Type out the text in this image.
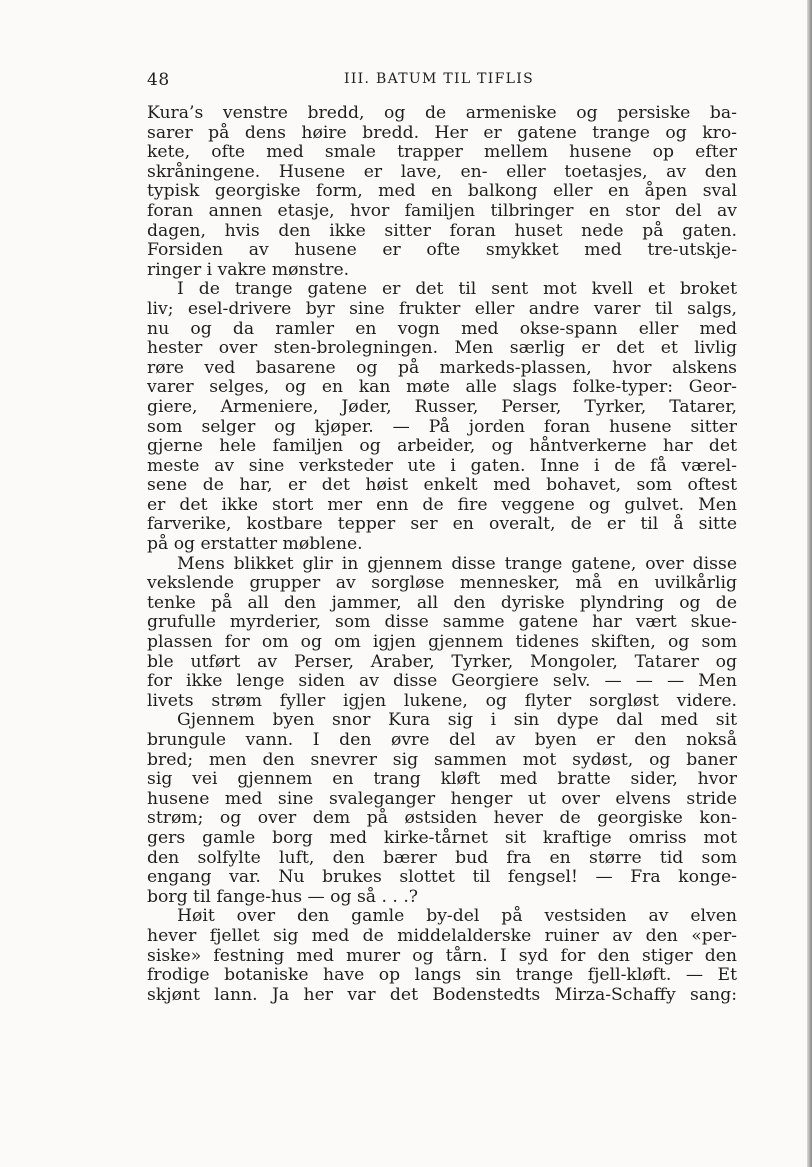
48	III. BATUM TIL TIFLIS
Kura’s venstre bredd, og de armeniske og persiske ba-
sarer på dens høire bredd. Her er gatene trange og kro-
kete, ofte med smale trapper mellem husene op efter
skråningene. Husene er lave, en- eller toetasjes, av den
typisk georgiske form, med en balkong eller en åpen sval
foran annen etasje, hvor familjen tilbringer en stor del av
dagen, hvis den ikke sitter foran huset nede på gaten.
Forsiden av husene er ofte smykket med tre-utskje-
ringer i vakre mønstre.
I de trange gatene er det til sent mot kvell et broket
liv; esel-drivere byr sine frukter eller andre varer til salgs,
nu og da ramler en vogn med okse-spann eller med
hester over sten-brolegningen. Men særlig er det et livlig
røre ved basarene og på markeds-plassen, hvor alskens
varer selges, og en kan møte alle slags folke-typer: Geor-
giere, Armeniere, Jøder, Russer, Perser, Tyrker, Tatarer,
som selger og kjøper. — På jorden foran husene sitter
gjerne hele familjen og arbeider, og håntverkerne har det
meste av sine verksteder ute i gaten. Inne i de få værel-
sene de har, er det høist enkelt med bohavet, som oftest
er det ikke stort mer enn de fire veggene og gulvet. Men
farverike, kostbare tepper ser en overalt, de er til å sitte
på og erstatter møblene.
Mens blikket glir in gjennem disse trange gatene, over disse
vekslende grupper av sorgløse mennesker, må en uvilkårlig
tenke på all den jammer, all den dyriske plyndring og de
grufulle myrderier, som disse samme gatene har vært skue-
plassen for om og om igjen gjennem tidenes skiften, og som
ble utført av Perser, Araber, Tyrker, Mongoler, Tatarer og
for ikke lenge siden av disse Georgiere selv. — — — Men
livets strøm fyller igjen lukene, og flyter sorgløst videre.
Gjennem byen snor Kura sig i sin dype dal med sit
brungule vann. I den øvre del av byen er den nokså
bred; men den snevrer sig sammen mot sydøst, og baner
sig vei gjennem en trang kløft med bratte sider, hvor
husene med sine svaleganger henger ut over elvens stride
strøm; og over dem på østsiden hever de georgiske kon-
gers gamle borg med kirke-tårnet sit kraftige omriss mot
den solfylte luft, den bærer bud fra en større tid som
engang var. Nu brukes slottet til fengsel! — Fra konge-
borg til fange-hus — og så . . .?
Høit over den gamle by-del på vestsiden av elven
hever fjellet sig med de middelalderske ruiner av den «per-
siske» festning med murer og tårn. I syd for den stiger den
frodige botaniske have op langs sin trange fjell-kløft. — Et
skjønt lann. Ja her var det Bodenstedts Mirza-Schaffy sang:
